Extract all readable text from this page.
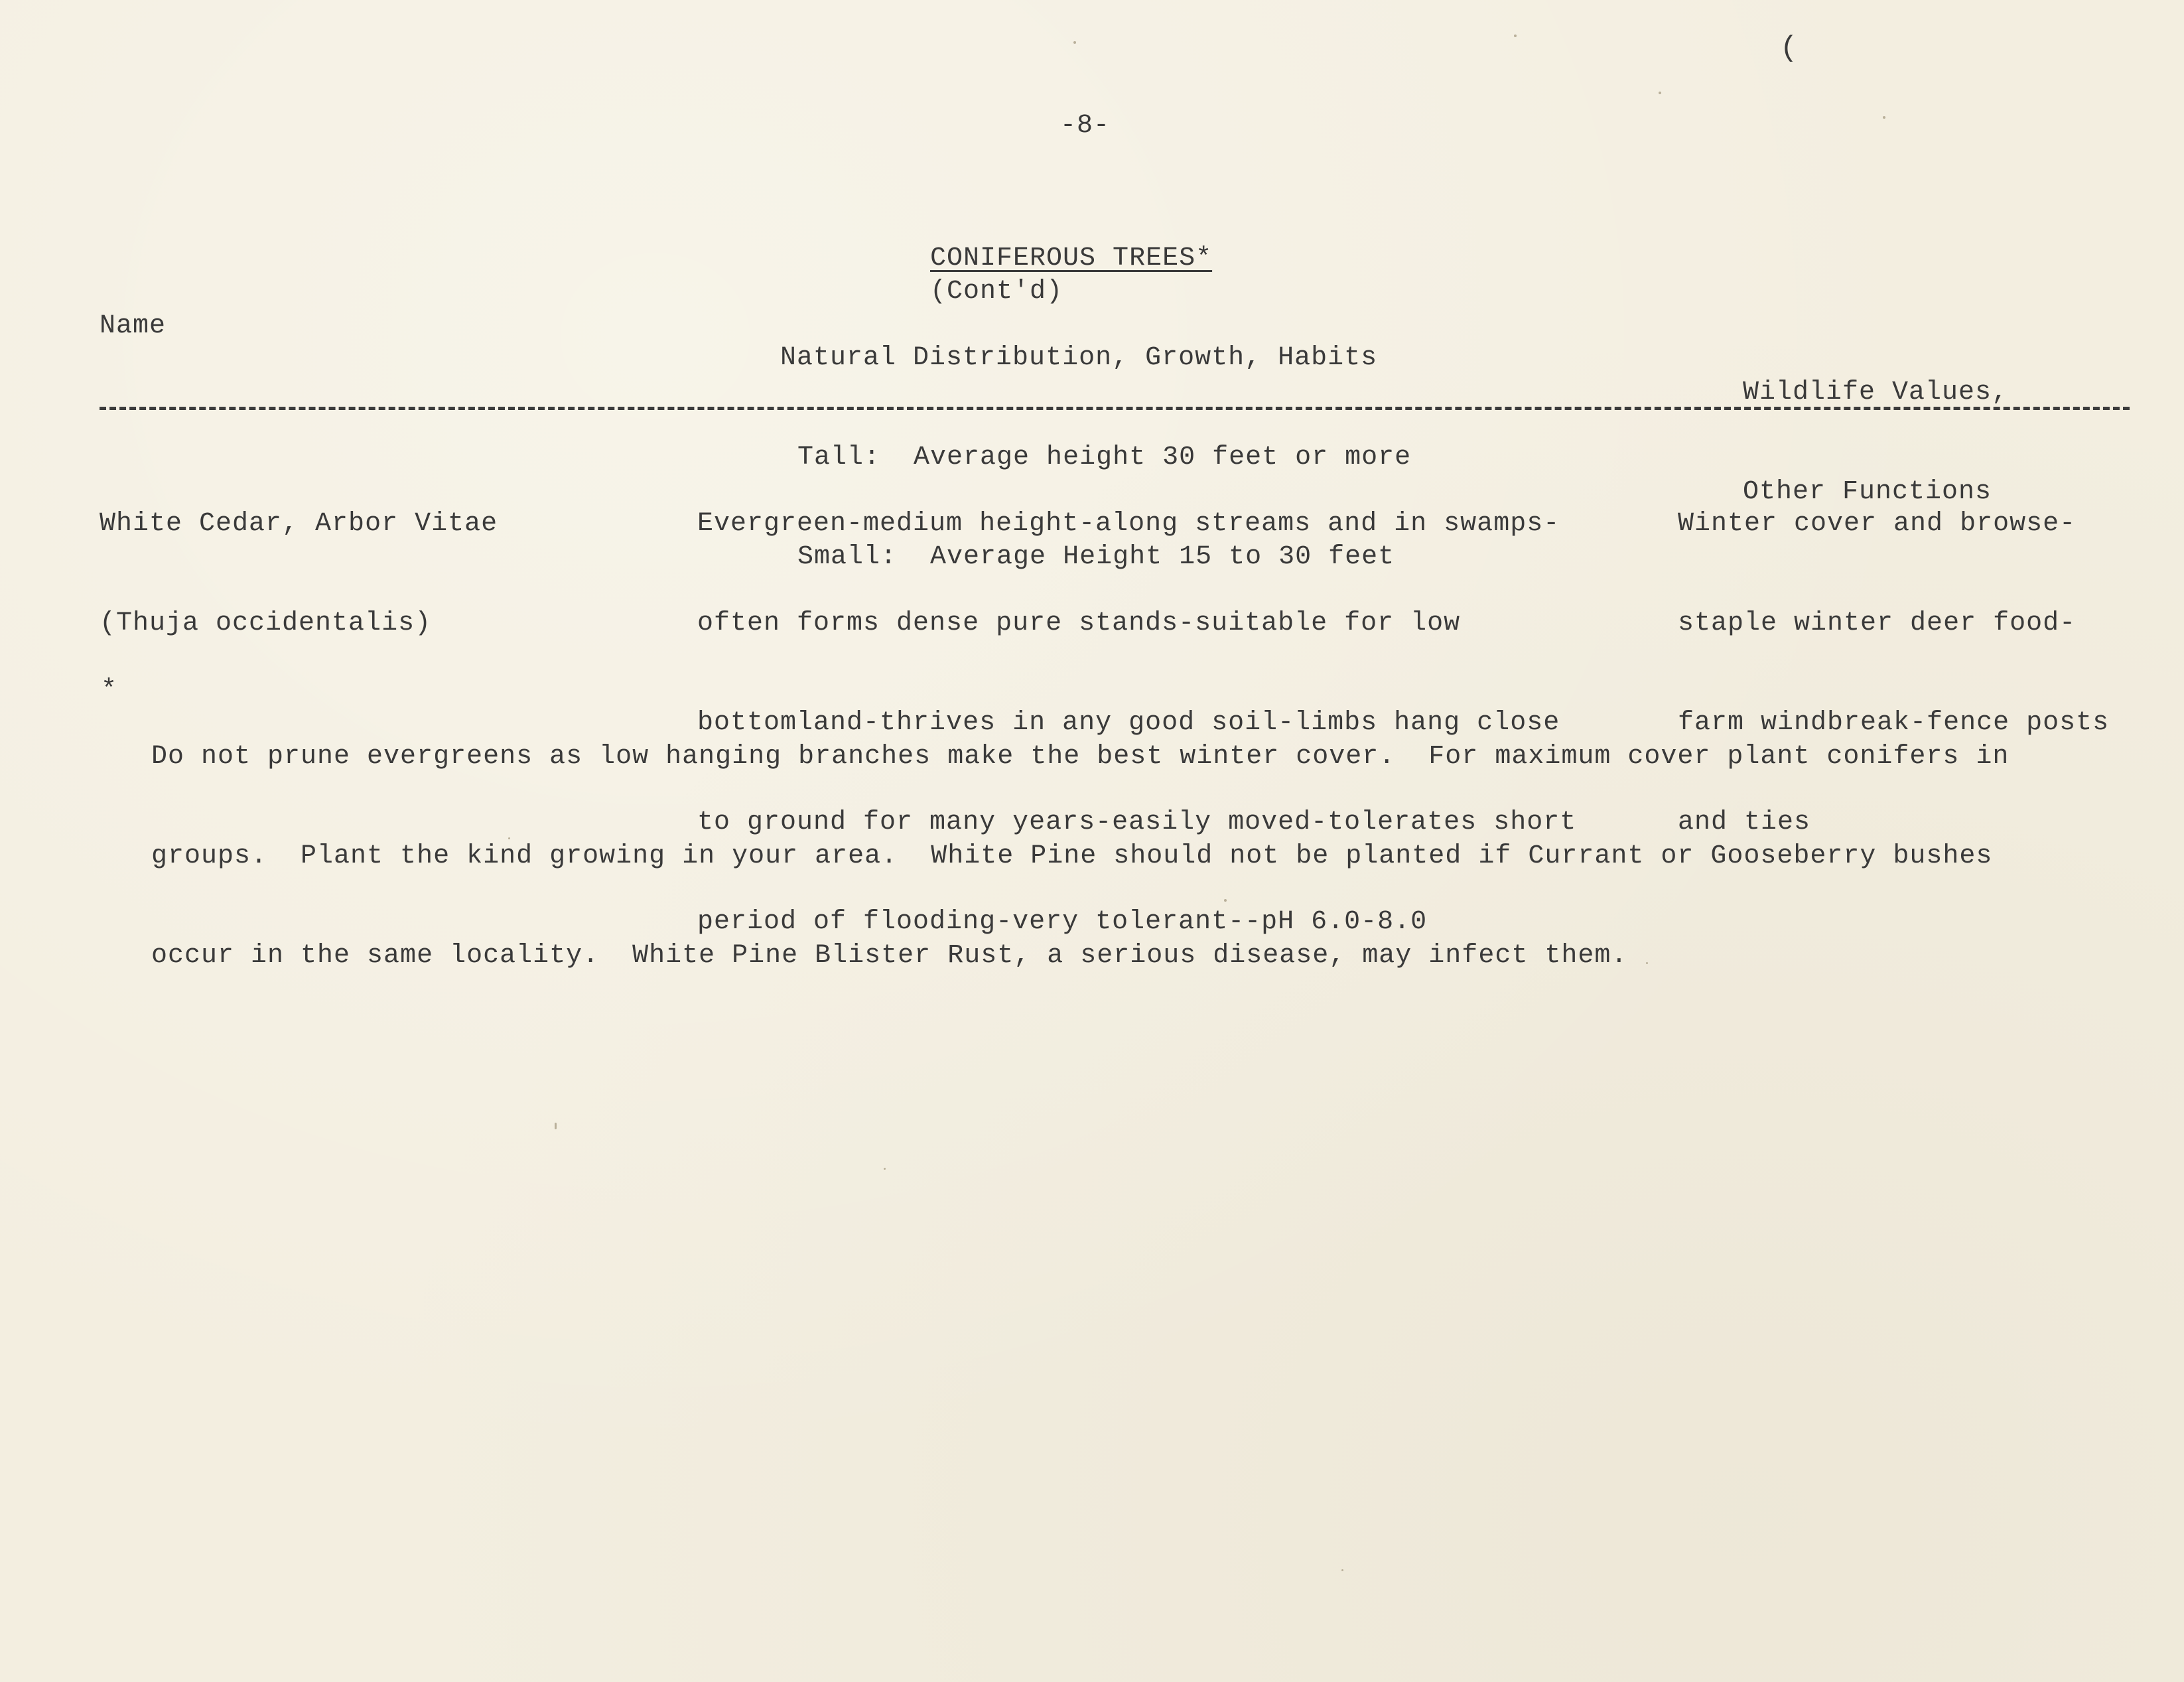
(
-8-

CONIFEROUS TREES*
(Cont'd)

Name

Natural Distribution, Growth, Habits

Tall:  Average height 30 feet or more

Small:  Average Height 15 to 30 feet

Wildlife Values,

Other Functions

White Cedar, Arbor Vitae

(Thuja occidentalis)

Evergreen-medium height-along streams and in swamps-

often forms dense pure stands-suitable for low

bottomland-thrives in any good soil-limbs hang close

to ground for many years-easily moved-tolerates short

period of flooding-very tolerant--pH 6.0-8.0

Winter cover and browse-

staple winter deer food-

farm windbreak-fence posts

and ties

*

Do not prune evergreens as low hanging branches make the best winter cover.  For maximum cover plant conifers in

groups.  Plant the kind growing in your area.  White Pine should not be planted if Currant or Gooseberry bushes

occur in the same locality.  White Pine Blister Rust, a serious disease, may infect them.
